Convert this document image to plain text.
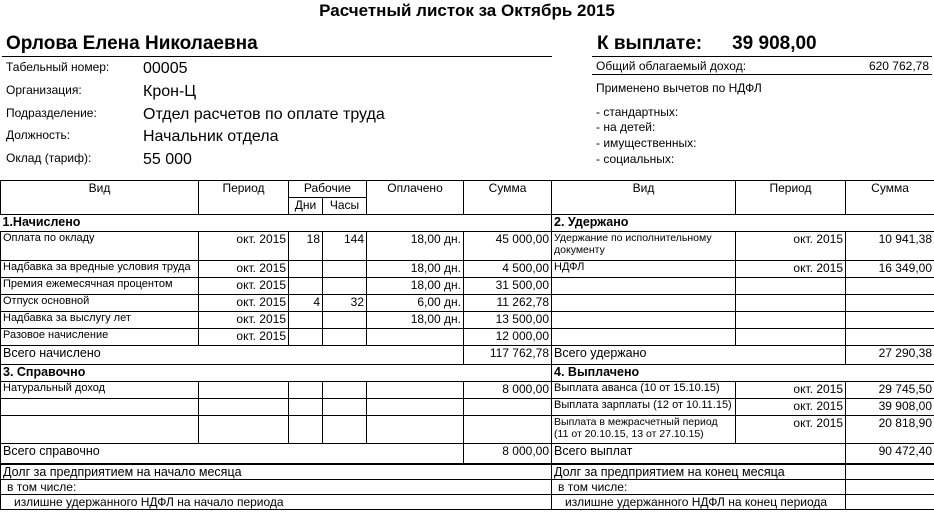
Расчетный листок за Октябрь 2015
Орлова Елена Николаевна	К выплате: 39 908,00
Табельный номер: 00005
Организация:	Крон-Ц
Подразделение:	Отдел расчетов по оплате труда
Должность:	Начальник отдела
Оклад (тариф):	55 000
Общий облагаемый доход:	620 762,78
Применено вычетов по НДФЛ
- стандартных:
- на детей:
- имущественных:
- социальных:
Вид	Период	Рабочие		Оплачено	Сумма	Вид	Период	Сумма
		Дни	Часы					
1.Начислено						2. Удержано		
Оплата по окладу	окт. 2015	18	144	18,00 дн.	45 000,00	Удержание по исполнительному документу	окт. 2015	10 941,38
Надбавка за вредные условия труда	окт. 2015			18,00 дн.	4 500,00	НДФЛ	окт. 2015	16 349,00
Премия ежемесячная процентом	окт. 2015			18,00 дн.	31 500,00			
Отпуск основной	окт. 2015	4	32	6,00 дн.	11 262,78			
Надбавка за выслугу лет	окт. 2015			18,00 дн.	13 500,00			
Разовое начисление	окт. 2015				12 000,00			
Всего начислено					117 762,78	Всего удержано		27 290,38
3. Справочно						4. Выплачено		
Натуральный доход					8 000,00	Выплата аванса (10 от 15.10.15)	окт. 2015	29 745,50
						Выплата зарплаты (12 от 10.11.15)	окт. 2015	39 908,00
						Выплата в межрасчетный период (11 от 20.10.15, 13 от 27.10.15)	окт. 2015	20 818,90
Всего справочно					8 000,00	Всего выплат		90 472,40
Долг за предприятием на начало месяца						Долг за предприятием на конец месяца		
в том числе:						в том числе:		
излишне удержанного НДФЛ на начало периода						излишне удержанного НДФЛ на конец периода		
